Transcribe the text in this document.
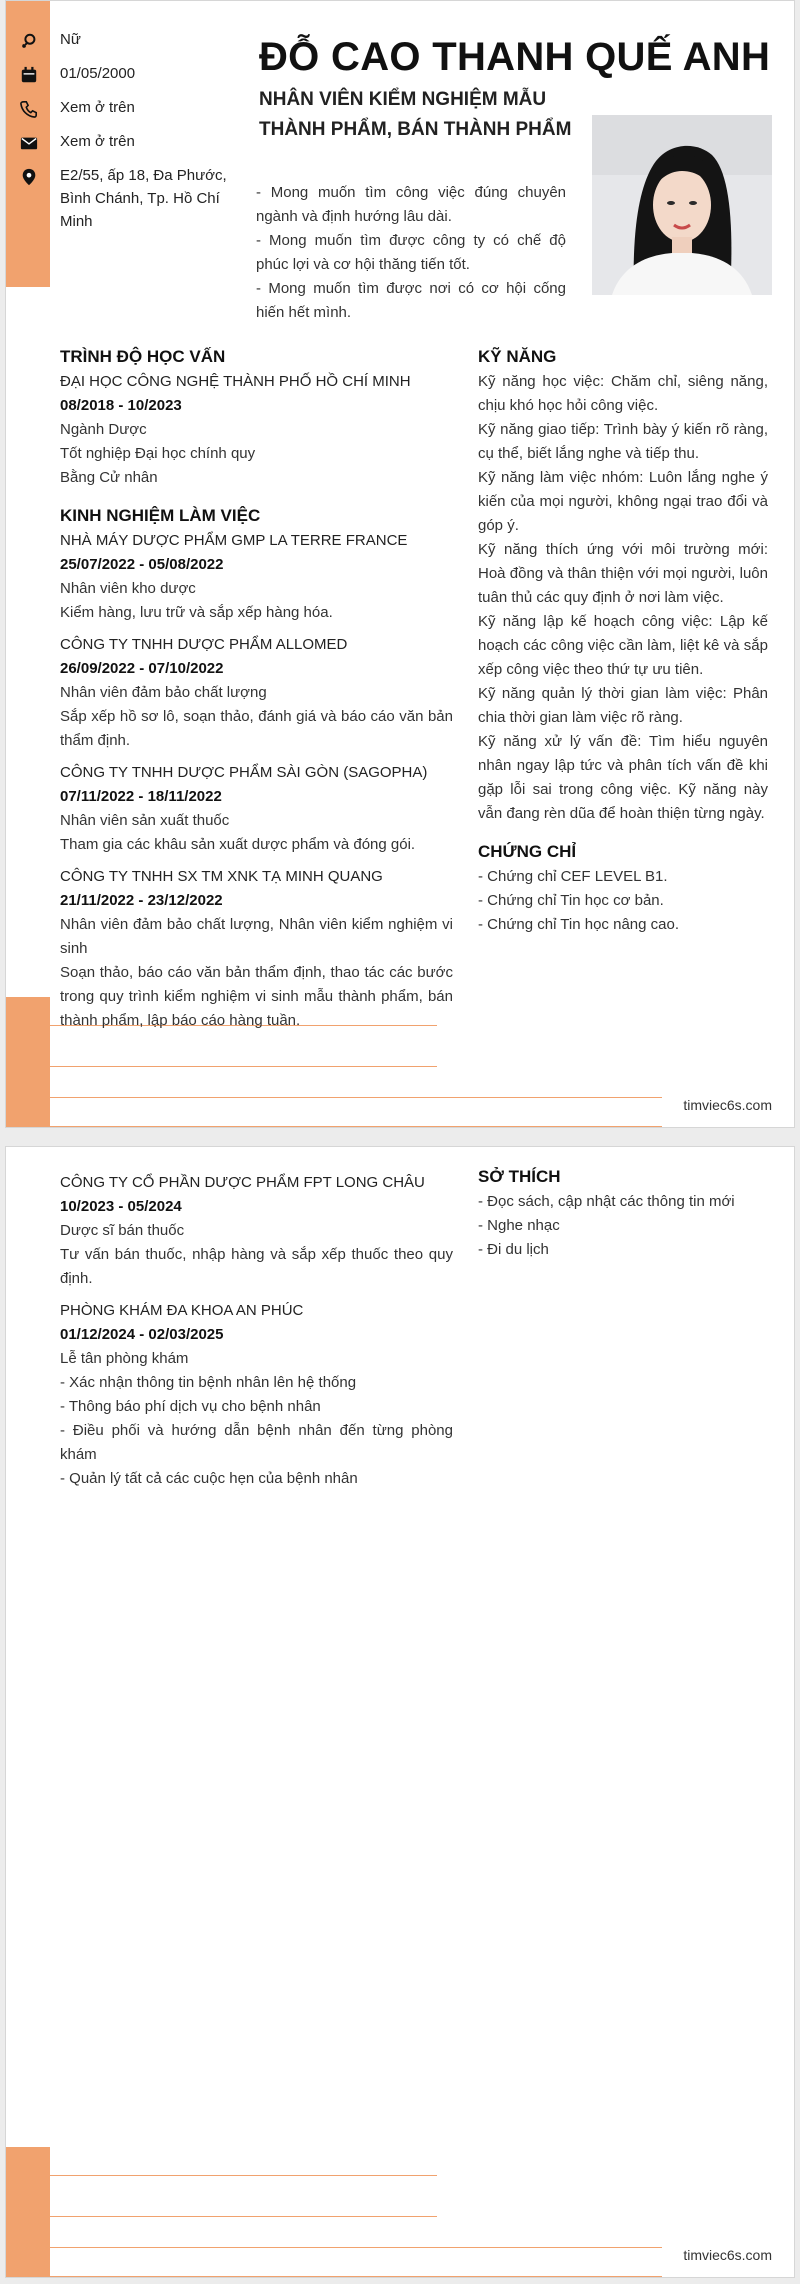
Nữ
01/05/2000
Xem ở trên
Xem ở trên
E2/55, ấp 18, Đa Phước, Bình Chánh, Tp. Hồ Chí Minh
ĐỖ CAO THANH QUẾ ANH
NHÂN VIÊN KIỂM NGHIỆM MẪU THÀNH PHẨM, BÁN THÀNH PHẨM
- Mong muốn tìm công việc đúng chuyên ngành và định hướng lâu dài.
- Mong muốn tìm được công ty có chế độ phúc lợi và cơ hội thăng tiến tốt.
- Mong muốn tìm được nơi có cơ hội cống hiến hết mình.
TRÌNH ĐỘ HỌC VẤN
ĐẠI HỌC CÔNG NGHỆ THÀNH PHỐ HỒ CHÍ MINH
08/2018 - 10/2023
Ngành Dược
Tốt nghiệp Đại học chính quy
Bằng Cử nhân
KINH NGHIỆM LÀM VIỆC
NHÀ MÁY DƯỢC PHẨM GMP LA TERRE FRANCE
25/07/2022 - 05/08/2022
Nhân viên kho dược
Kiểm hàng, lưu trữ và sắp xếp hàng hóa.
CÔNG TY TNHH DƯỢC PHẨM ALLOMED
26/09/2022 - 07/10/2022
Nhân viên đảm bảo chất lượng
Sắp xếp hồ sơ lô, soạn thảo, đánh giá và báo cáo văn bản thẩm định.
CÔNG TY TNHH DƯỢC PHẨM SÀI GÒN (SAGOPHA)
07/11/2022 - 18/11/2022
Nhân viên sản xuất thuốc
Tham gia các khâu sản xuất dược phẩm và đóng gói.
CÔNG TY TNHH SX TM XNK TẠ MINH QUANG
21/11/2022 - 23/12/2022
Nhân viên đảm bảo chất lượng, Nhân viên kiểm nghiệm vi sinh
Soạn thảo, báo cáo văn bản thẩm định, thao tác các bước trong quy trình kiểm nghiệm vi sinh mẫu thành phẩm, bán thành phẩm, lập báo cáo hàng tuần.
KỸ NĂNG
Kỹ năng học việc: Chăm chỉ, siêng năng, chịu khó học hỏi công việc.
Kỹ năng giao tiếp: Trình bày ý kiến rõ ràng, cụ thể, biết lắng nghe và tiếp thu.
Kỹ năng làm việc nhóm: Luôn lắng nghe ý kiến của mọi người, không ngại trao đổi và góp ý.
Kỹ năng thích ứng với môi trường mới: Hoà đồng và thân thiện với mọi người, luôn tuân thủ các quy định ở nơi làm việc.
Kỹ năng lập kế hoạch công việc: Lập kế hoạch các công việc cần làm, liệt kê và sắp xếp công việc theo thứ tự ưu tiên.
Kỹ năng quản lý thời gian làm việc: Phân chia thời gian làm việc rõ ràng.
Kỹ năng xử lý vấn đề: Tìm hiểu nguyên nhân ngay lập tức và phân tích vấn đề khi gặp lỗi sai trong công việc. Kỹ năng này vẫn đang rèn dũa để hoàn thiện từng ngày.
CHỨNG CHỈ
- Chứng chỉ CEF LEVEL B1.
- Chứng chỉ Tin học cơ bản.
- Chứng chỉ Tin học nâng cao.
timviec6s.com
CÔNG TY CỔ PHẦN DƯỢC PHẨM FPT LONG CHÂU
10/2023 - 05/2024
Dược sĩ bán thuốc
Tư vấn bán thuốc, nhập hàng và sắp xếp thuốc theo quy định.
PHÒNG KHÁM ĐA KHOA AN PHÚC
01/12/2024 - 02/03/2025
Lễ tân phòng khám
- Xác nhận thông tin bệnh nhân lên hệ thống
- Thông báo phí dịch vụ cho bệnh nhân
- Điều phối và hướng dẫn bệnh nhân đến từng phòng khám
- Quản lý tất cả các cuộc hẹn của bệnh nhân
SỞ THÍCH
- Đọc sách, cập nhật các thông tin mới
- Nghe nhạc
- Đi du lịch
timviec6s.com
